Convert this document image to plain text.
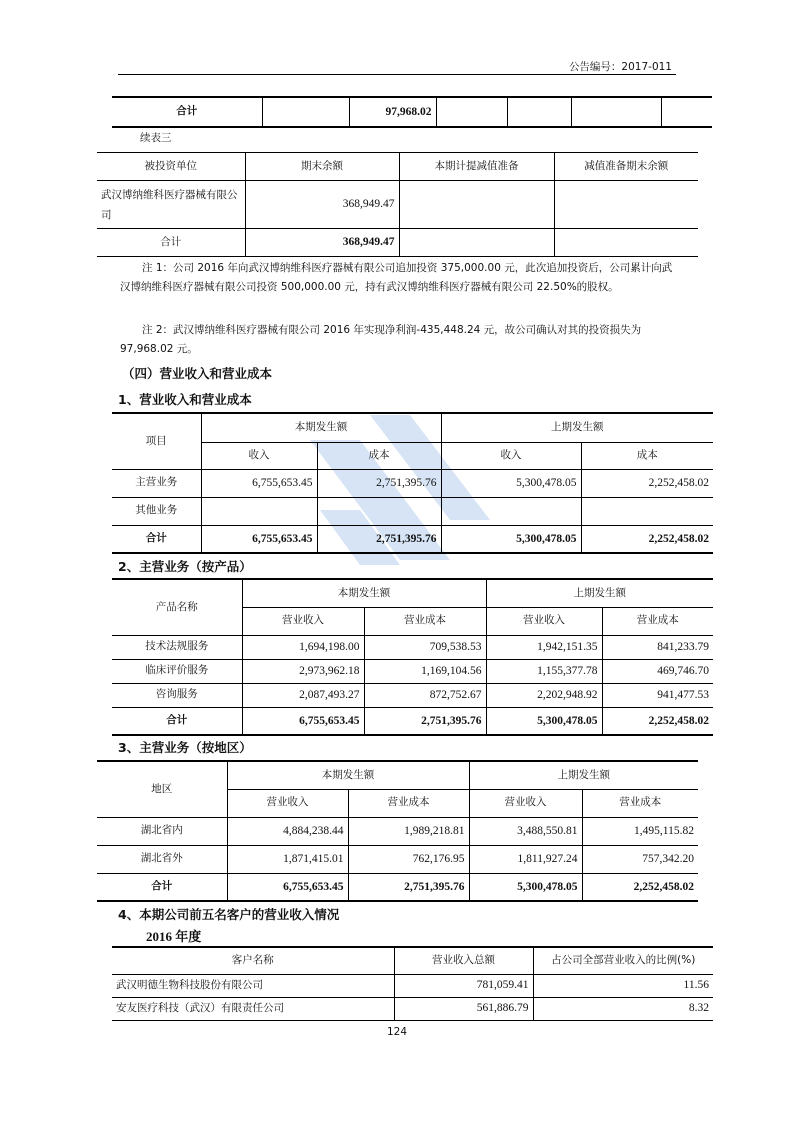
公告编号：2017-011
合计		97,968.02				
续表三
被投资单位	期末余额	本期计提减值准备	减值准备期末余额
武汉博纳维科医疗器械有限公司	368,949.47		
合计	368,949.47		
注 1：公司 2016 年向武汉博纳维科医疗器械有限公司追加投资 375,000.00 元，此次追加投资后，公司累计向武汉博纳维科医疗器械有限公司投资 500,000.00 元，持有武汉博纳维科医疗器械有限公司 22.50%的股权。
注 2：武汉博纳维科医疗器械有限公司 2016 年实现净利润-435,448.24 元，故公司确认对其的投资损失为 97,968.02 元。
（四）营业收入和营业成本
1、营业收入和营业成本
项目	本期发生额		上期发生额	
	收入	成本	收入	成本
主营业务	6,755,653.45	2,751,395.76	5,300,478.05	2,252,458.02
其他业务				
合计	6,755,653.45	2,751,395.76	5,300,478.05	2,252,458.02
2、主营业务（按产品）
产品名称	本期发生额		上期发生额	
	营业收入	营业成本	营业收入	营业成本
技术法规服务	1,694,198.00	709,538.53	1,942,151.35	841,233.79
临床评价服务	2,973,962.18	1,169,104.56	1,155,377.78	469,746.70
咨询服务	2,087,493.27	872,752.67	2,202,948.92	941,477.53
合计	6,755,653.45	2,751,395.76	5,300,478.05	2,252,458.02
3、主营业务（按地区）
地区	本期发生额		上期发生额	
	营业收入	营业成本	营业收入	营业成本
湖北省内	4,884,238.44	1,989,218.81	3,488,550.81	1,495,115.82
湖北省外	1,871,415.01	762,176.95	1,811,927.24	757,342.20
合计	6,755,653.45	2,751,395.76	5,300,478.05	2,252,458.02
4、本期公司前五名客户的营业收入情况
2016 年度
客户名称	营业收入总额	占公司全部营业收入的比例(%)
武汉明德生物科技股份有限公司	781,059.41	11.56
安友医疗科技（武汉）有限责任公司	561,886.79	8.32
124
